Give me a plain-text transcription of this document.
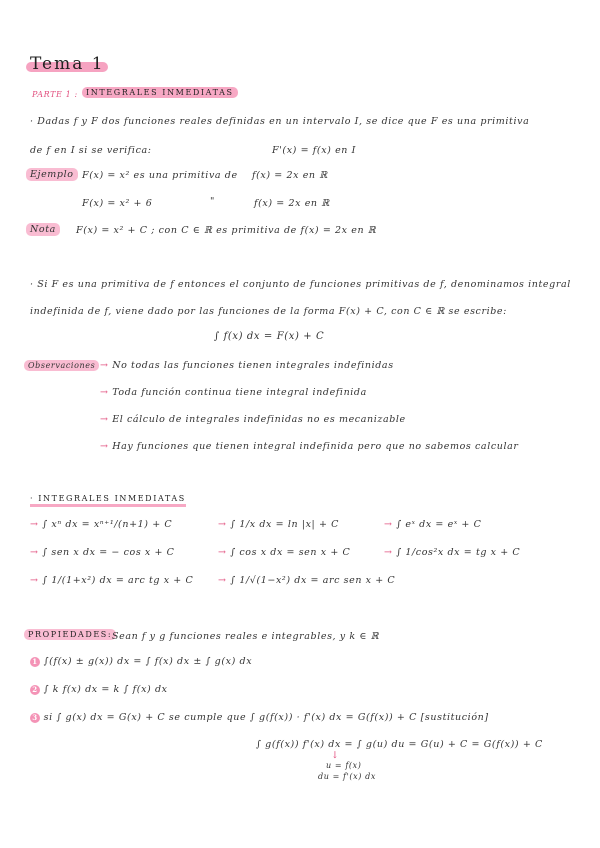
Tema 1
PARTE 1 :	INTEGRALES INMEDIATAS
· Dadas f y F dos funciones reales definidas en un intervalo I, se dice que F es una primitiva
de f en I si se verifica:	F'(x) = f(x) en I
Ejemplo F(x) = x² es una primitiva de f(x) = 2x en ℝ
F(x) = x² + 6	"	f(x) = 2x en ℝ
Nota	F(x) = x² + C ; con C ∈ ℝ es primitiva de f(x) = 2x en ℝ
· Si F es una primitiva de f entonces el conjunto de funciones primitivas de f, denominamos integral
indefinida de f, viene dado por las funciones de la forma F(x) + C, con C ∈ ℝ se escribe:
∫ f(x) dx = F(x) + C
Observaciones → No todas las funciones tienen integrales indefinidas
→ Toda función continua tiene integral indefinida
→ El cálculo de integrales indefinidas no es mecanizable
→ Hay funciones que tienen integral indefinida pero que no sabemos calcular
· INTEGRALES INMEDIATAS
→ ∫ xⁿ dx = xⁿ⁺¹/(n+1) + C	→ ∫ 1/x dx = ln |x| + C	→ ∫ eˣ dx = eˣ + C
→ ∫ sen x dx = − cos x + C	→ ∫ cos x dx = sen x + C	→ ∫ 1/cos²x dx = tg x + C
→ ∫ 1/(1+x²) dx = arc tg x + C	→ ∫ 1/√(1−x²) dx = arc sen x + C
PROPIEDADES: Sean f y g funciones reales e integrables, y k ∈ ℝ
1 ∫(f(x) ± g(x)) dx = ∫ f(x) dx ± ∫ g(x) dx
2 ∫ k f(x) dx = k ∫ f(x) dx
3 si ∫ g(x) dx = G(x) + C se cumple que ∫ g(f(x)) · f'(x) dx = G(f(x)) + C [sustitución]
∫ g(f(x)) f'(x) dx = ∫ g(u) du = G(u) + C = G(f(x)) + C
↓
u = f(x)
du = f'(x) dx
